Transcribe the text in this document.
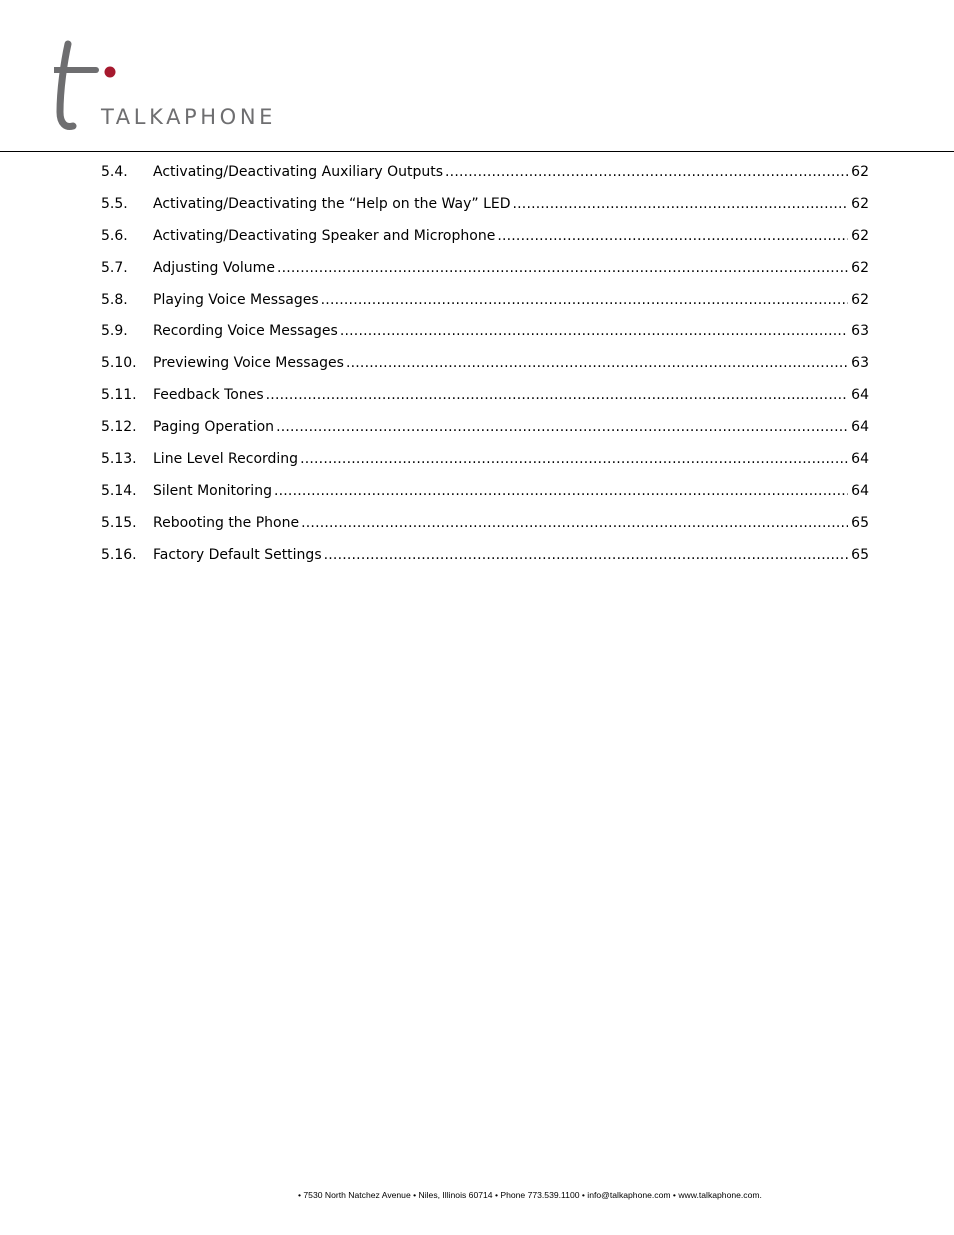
TALKAPHONE
5.4.	Activating/Deactivating Auxiliary Outputs .....	62
5.5.	Activating/Deactivating the “Help on the Way” LED .....	62
5.6.	Activating/Deactivating Speaker and Microphone .....	62
5.7.	Adjusting Volume .....	62
5.8.	Playing Voice Messages .....	62
5.9.	Recording Voice Messages .....	63
5.10.	Previewing Voice Messages .....	63
5.11.	Feedback Tones .....	64
5.12.	Paging Operation .....	64
5.13.	Line Level Recording .....	64
5.14.	Silent Monitoring .....	64
5.15.	Rebooting the Phone .....	65
5.16.	Factory Default Settings .....	65
• 7530 North Natchez Avenue • Niles, Illinois 60714 • Phone 773.539.1100 • info@talkaphone.com • www.talkaphone.com.
